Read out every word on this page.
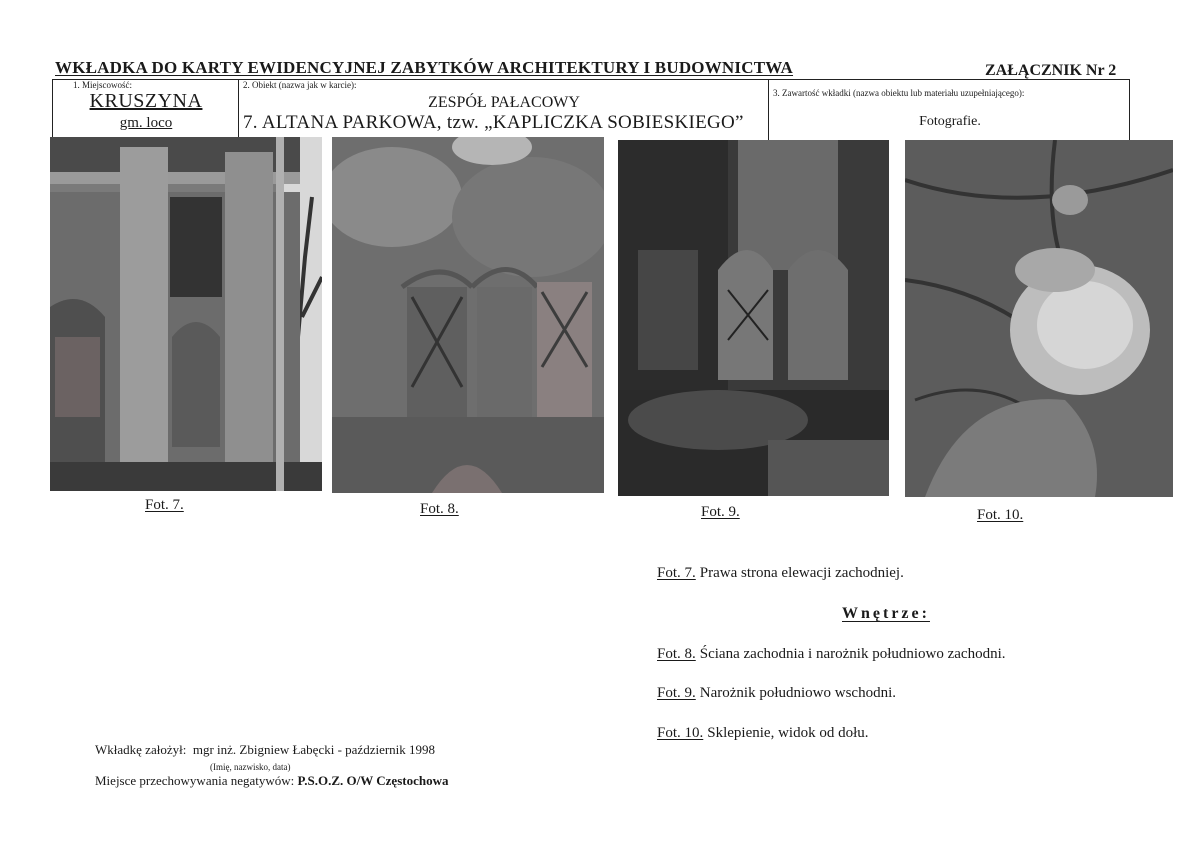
WKŁADKA DO KARTY EWIDENCYJNEJ ZABYTKÓW ARCHITEKTURY I BUDOWNICTWA	ZAŁĄCZNIK Nr 2
1. Miejscowość:
KRUSZYNA
gm. loco
2. Obiekt (nazwa jak w karcie):
ZESPÓŁ PAŁACOWY
7. ALTANA PARKOWA, tzw. „KAPLICZKA SOBIESKIEGO”
3. Zawartość wkładki (nazwa obiektu lub materiału uzupełniającego):
Fotografie.
Fot. 7.	Fot. 8.	Fot. 9.	Fot. 10.
Fot. 7. Prawa strona elewacji zachodniej.
Wnętrze:
Fot. 8. Ściana zachodnia i narożnik południowo zachodni.
Fot. 9. Narożnik południowo wschodni.
Fot. 10. Sklepienie, widok od dołu.
Wkładkę założył: mgr inż. Zbigniew Łabęcki - październik 1998
(Imię, nazwisko, data)
Miejsce przechowywania negatywów: P.S.O.Z. O/W Częstochowa
